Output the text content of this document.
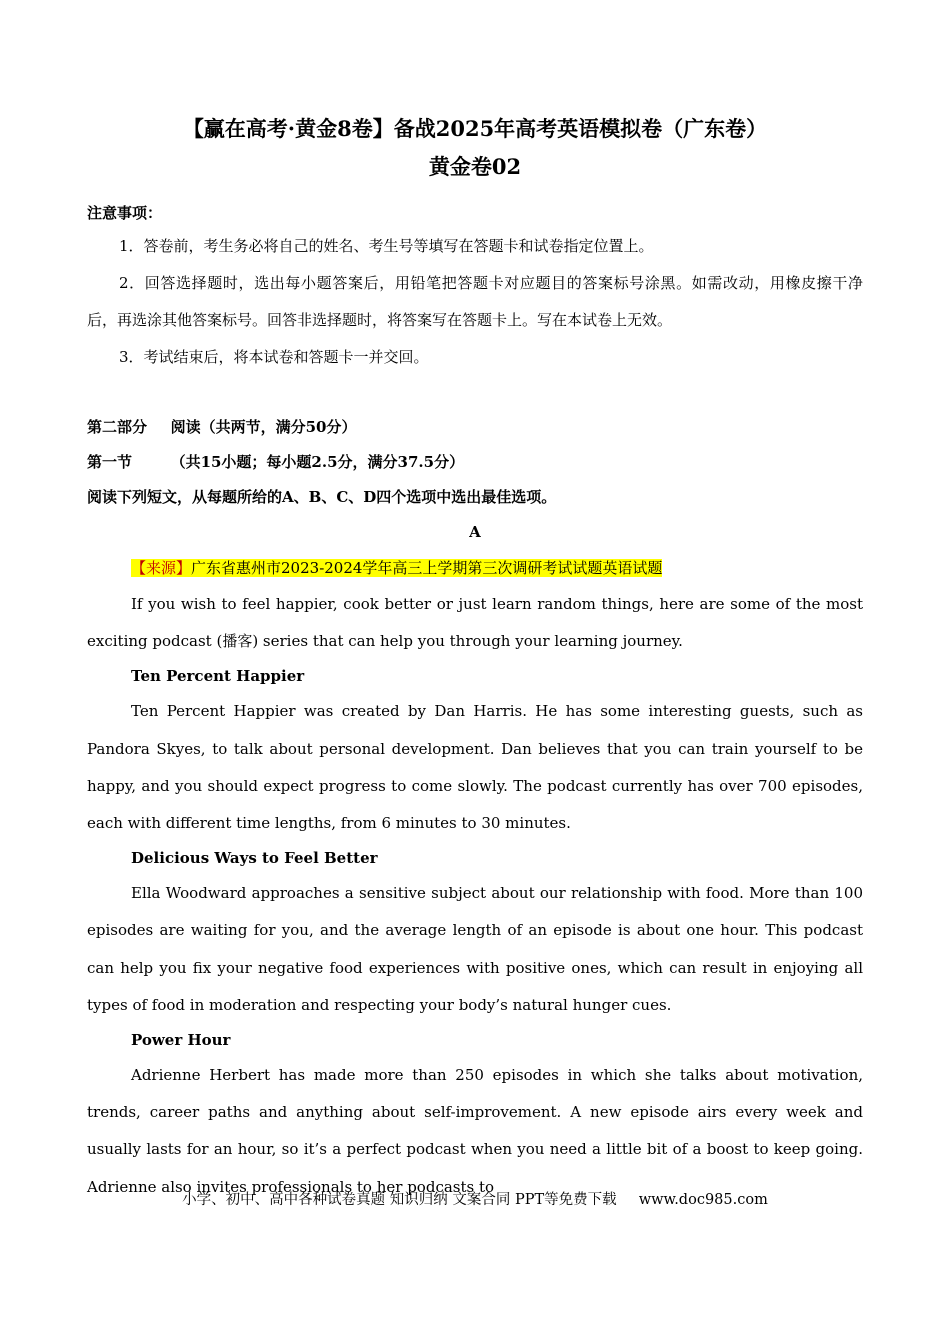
【赢在高考·黄金8卷】备战2025年高考英语模拟卷（广东卷）

黄金卷02

注意事项：

1．答卷前，考生务必将自己的姓名、考生号等填写在答题卡和试卷指定位置上。

2．回答选择题时，选出每小题答案后，用铅笔把答题卡对应题目的答案标号涂黑。如需改动，用橡皮擦干净后，再选涂其他答案标号。回答非选择题时，将答案写在答题卡上。写在本试卷上无效。

3．考试结束后，将本试卷和答题卡一并交回。

第二部分	阅读（共两节，满分50分）

第一节	（共15小题；每小题2.5分，满分37.5分）

阅读下列短文，从每题所给的A、B、C、D四个选项中选出最佳选项。

A

【来源】广东省惠州市2023-2024学年高三上学期第三次调研考试试题英语试题

If you wish to feel happier, cook better or just learn random things, here are some of the most exciting podcast (播客) series that can help you through your learning journey.

Ten Percent Happier

Ten Percent Happier was created by Dan Harris. He has some interesting guests, such as Pandora Skyes, to talk about personal development. Dan believes that you can train yourself to be happy, and you should expect progress to come slowly. The podcast currently has over 700 episodes, each with different time lengths, from 6 minutes to 30 minutes.

Delicious Ways to Feel Better

Ella Woodward approaches a sensitive subject about our relationship with food. More than 100 episodes are waiting for you, and the average length of an episode is about one hour. This podcast can help you fix your negative food experiences with positive ones, which can result in enjoying all types of food in moderation and respecting your body’s natural hunger cues.

Power Hour

Adrienne Herbert has made more than 250 episodes in which she talks about motivation, trends, career paths and anything about self-improvement. A new episode airs every week and usually lasts for an hour, so it’s a perfect podcast when you need a little bit of a boost to keep going. Adrienne also invites professionals to her podcasts to

小学、初中、高中各种试卷真题 知识归纳 文案合同 PPT等免费下载 www.doc985.com
